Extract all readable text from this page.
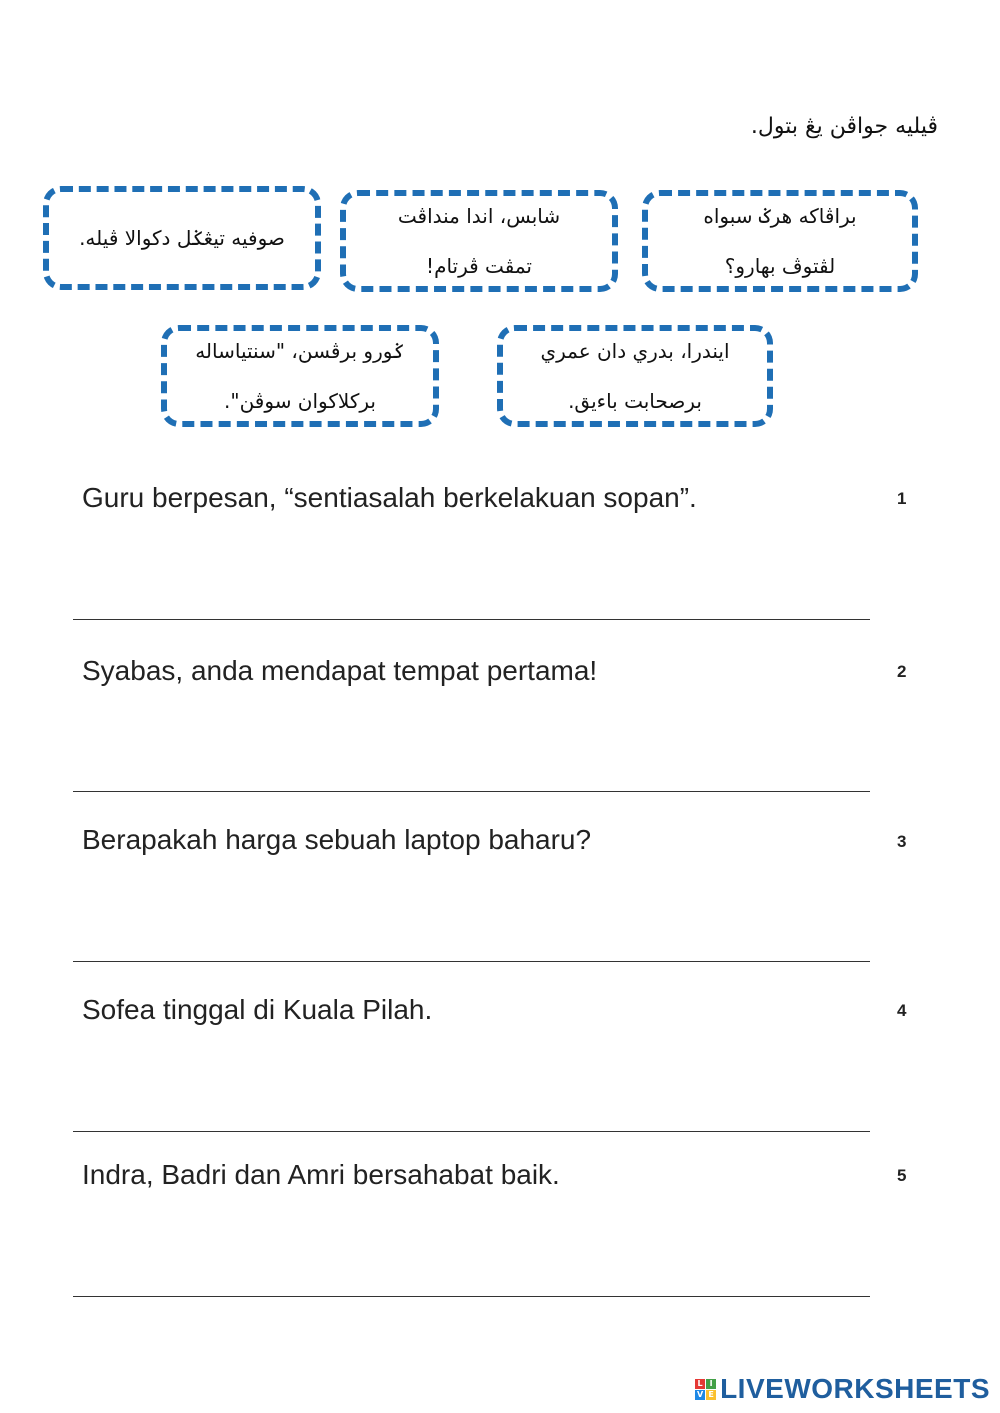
ڤيليه جواڤن يڠ بتول.
براڤاكه هرݢ سبواه
لڤتوڤ بهارو؟
شابس، اندا منداڤت
تمڤت ڤرتام!
صوفيه تيڠݢل دكوالا ڤيله.
ايندرا، بدري دان عمري
برصحابت باءيق.
ݢورو برڤسن، "سنتياساله
بركلاكوان سوڤن".
Guru berpesan, “sentiasalah berkelakuan sopan”.	1
Syabas, anda mendapat tempat pertama!	2
Berapakah harga sebuah laptop baharu?	3
Sofea tinggal di Kuala Pilah.	4
Indra, Badri dan Amri bersahabat baik.	5
L I
V E LIVEWORKSHEETS
